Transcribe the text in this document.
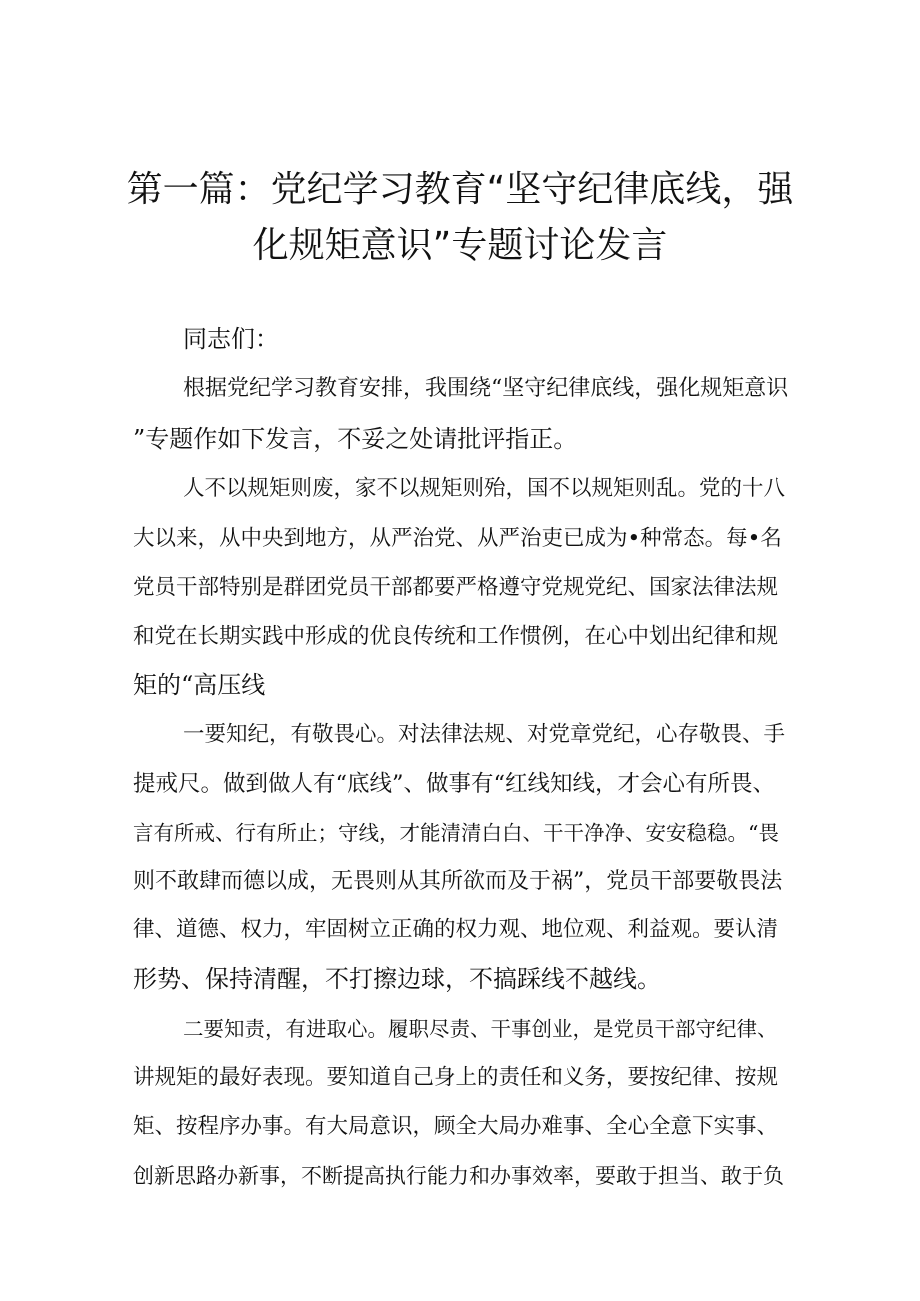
第一篇：党纪学习教育“坚守纪律底线，强
化规矩意识”专题讨论发言
同志们：
根据党纪学习教育安排，我围绕“坚守纪律底线，强化规矩意识
”专题作如下发言，不妥之处请批评指正。
人不以规矩则废，家不以规矩则殆，国不以规矩则乱。党的十八
大以来，从中央到地方，从严治党、从严治吏已成为•种常态。每•名
党员干部特别是群团党员干部都要严格遵守党规党纪、国家法律法规
和党在长期实践中形成的优良传统和工作惯例，在心中划出纪律和规
矩的“高压线
一要知纪，有敬畏心。对法律法规、对党章党纪，心存敬畏、手
提戒尺。做到做人有“底线”、做事有“红线知线，才会心有所畏、
言有所戒、行有所止；守线，才能清清白白、干干净净、安安稳稳。“畏
则不敢肆而德以成，无畏则从其所欲而及于祸”，党员干部要敬畏法
律、道德、权力，牢固树立正确的权力观、地位观、利益观。要认清
形势、保持清醒，不打擦边球，不搞踩线不越线。
二要知责，有进取心。履职尽责、干事创业，是党员干部守纪律、
讲规矩的最好表现。要知道自己身上的责任和义务，要按纪律、按规
矩、按程序办事。有大局意识，顾全大局办难事、全心全意下实事、
创新思路办新事，不断提高执行能力和办事效率，要敢于担当、敢于负
